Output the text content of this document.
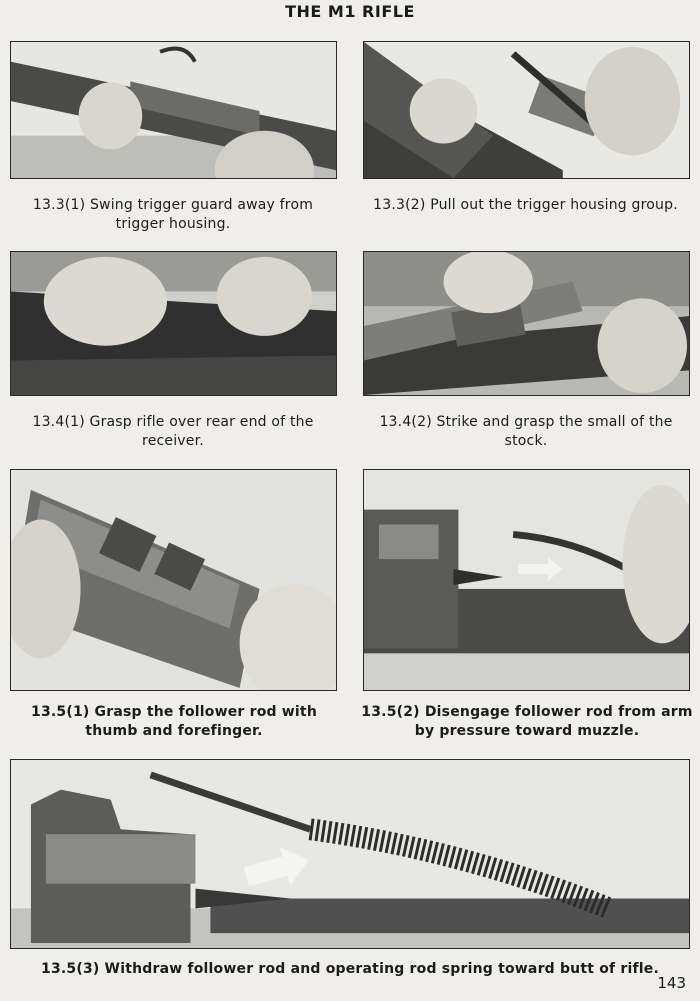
THE M1 RIFLE
13.3(1) Swing trigger guard away from trigger housing.
13.3(2) Pull out the trigger housing group.
13.4(1) Grasp rifle over rear end of the receiver.
13.4(2) Strike and grasp the small of the stock.
13.5(1) Grasp the follower rod with thumb and forefinger.
13.5(2) Disengage follower rod from arm by pressure toward muzzle.
13.5(3) Withdraw follower rod and operating rod spring toward butt of rifle.
143
